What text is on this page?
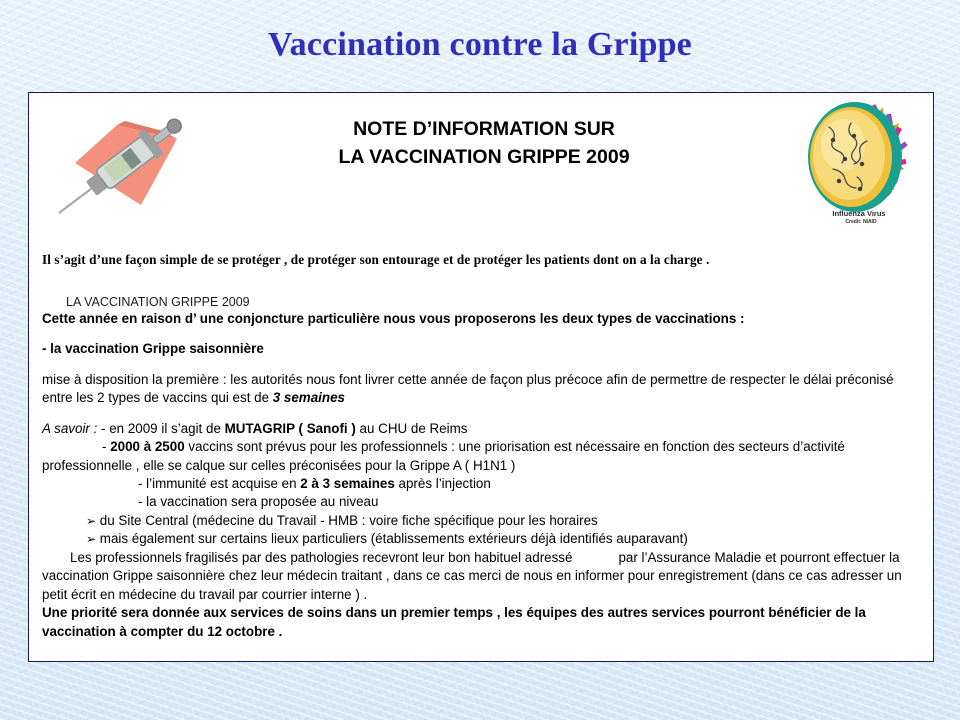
Vaccination contre la Grippe
NOTE D’INFORMATION SUR
LA VACCINATION GRIPPE 2009
Influenza Virus
Credit: NIAID
Il s’agit d’une façon simple de se protéger , de protéger son entourage et de protéger les patients dont on a la charge .
LA VACCINATION GRIPPE 2009
Cette année en raison d’ une conjoncture particulière nous vous proposerons les deux types de vaccinations :
- la vaccination Grippe saisonnière
mise à disposition la première : les autorités nous font livrer cette année de façon plus précoce afin de permettre de respecter le délai préconisé
entre les 2 types de vaccins qui est de 3 semaines
A savoir : - en 2009 il s’agit de MUTAGRIP ( Sanofi ) au CHU de Reims
- 2000 à 2500 vaccins sont prévus pour les professionnels : une priorisation est nécessaire en fonction des secteurs d’activité
professionnelle , elle se calque sur celles préconisées pour la Grippe A ( H1N1 )
- l’immunité est acquise en 2 à 3 semaines après l’injection
- la vaccination sera proposée au niveau
➢ du Site Central (médecine du Travail - HMB : voire fiche spécifique pour les horaires
➢ mais également sur certains lieux particuliers (établissements extérieurs déjà identifiés auparavant)
Les professionnels fragilisés par des pathologies recevront leur bon habituel adressé	par l’Assurance Maladie et pourront effectuer la
vaccination Grippe saisonnière chez leur médecin traitant , dans ce cas merci de nous en informer pour enregistrement (dans ce cas adresser un
petit écrit en médecine du travail par courrier interne ) .
Une priorité sera donnée aux services de soins dans un premier temps , les équipes des autres services pourront bénéficier de la
vaccination à compter du 12 octobre .
